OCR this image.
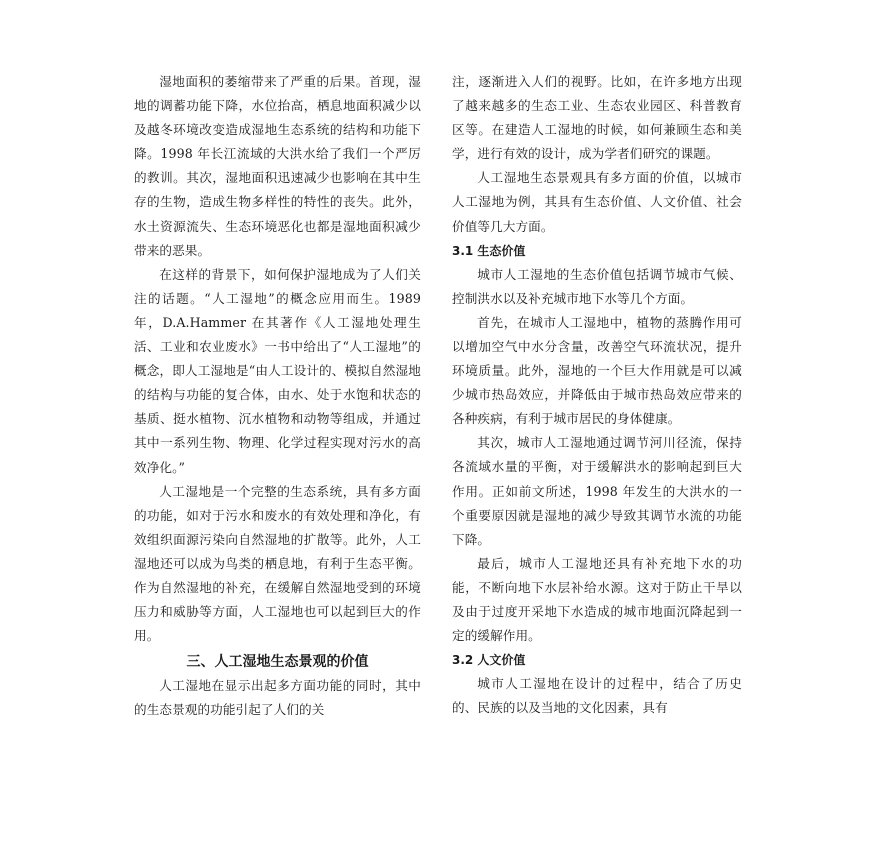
湿地面积的萎缩带来了严重的后果。首现，湿地的调蓄功能下降，水位抬高，栖息地面积减少以及越冬环境改变造成湿地生态系统的结构和功能下降。1998 年长江流域的大洪水给了我们一个严厉的教训。其次，湿地面积迅速减少也影响在其中生存的生物，造成生物多样性的特性的丧失。此外，水土资源流失、生态环境恶化也都是湿地面积减少带来的恶果。

在这样的背景下，如何保护湿地成为了人们关注的话题。“人工湿地”的概念应用而生。1989 年，D.A.Hammer 在其著作《人工湿地处理生活、工业和农业废水》一书中给出了“人工湿地”的概念，即人工湿地是“由人工设计的、模拟自然湿地的结构与功能的复合体，由水、处于水饱和状态的基质、挺水植物、沉水植物和动物等组成，并通过其中一系列生物、物理、化学过程实现对污水的高效净化。”

人工湿地是一个完整的生态系统，具有多方面的功能，如对于污水和废水的有效处理和净化，有效组织面源污染向自然湿地的扩散等。此外，人工湿地还可以成为鸟类的栖息地，有利于生态平衡。作为自然湿地的补充，在缓解自然湿地受到的环境压力和威胁等方面，人工湿地也可以起到巨大的作用。

三、人工湿地生态景观的价值

人工湿地在显示出起多方面功能的同时，其中的生态景观的功能引起了人们的关

注，逐渐进入人们的视野。比如，在许多地方出现了越来越多的生态工业、生态农业园区、科普教育区等。在建造人工湿地的时候，如何兼顾生态和美学，进行有效的设计，成为学者们研究的课题。

人工湿地生态景观具有多方面的价值，以城市人工湿地为例，其具有生态价值、人文价值、社会价值等几大方面。

3.1 生态价值

城市人工湿地的生态价值包括调节城市气候、控制洪水以及补充城市地下水等几个方面。

首先，在城市人工湿地中，植物的蒸腾作用可以增加空气中水分含量，改善空气环流状况，提升环境质量。此外，湿地的一个巨大作用就是可以减少城市热岛效应，并降低由于城市热岛效应带来的各种疾病，有利于城市居民的身体健康。

其次，城市人工湿地通过调节河川径流，保持各流域水量的平衡，对于缓解洪水的影响起到巨大作用。正如前文所述，1998 年发生的大洪水的一个重要原因就是湿地的减少导致其调节水流的功能下降。

最后，城市人工湿地还具有补充地下水的功能，不断向地下水层补给水源。这对于防止干旱以及由于过度开采地下水造成的城市地面沉降起到一定的缓解作用。

3.2 人文价值

城市人工湿地在设计的过程中，结合了历史的、民族的以及当地的文化因素，具有
